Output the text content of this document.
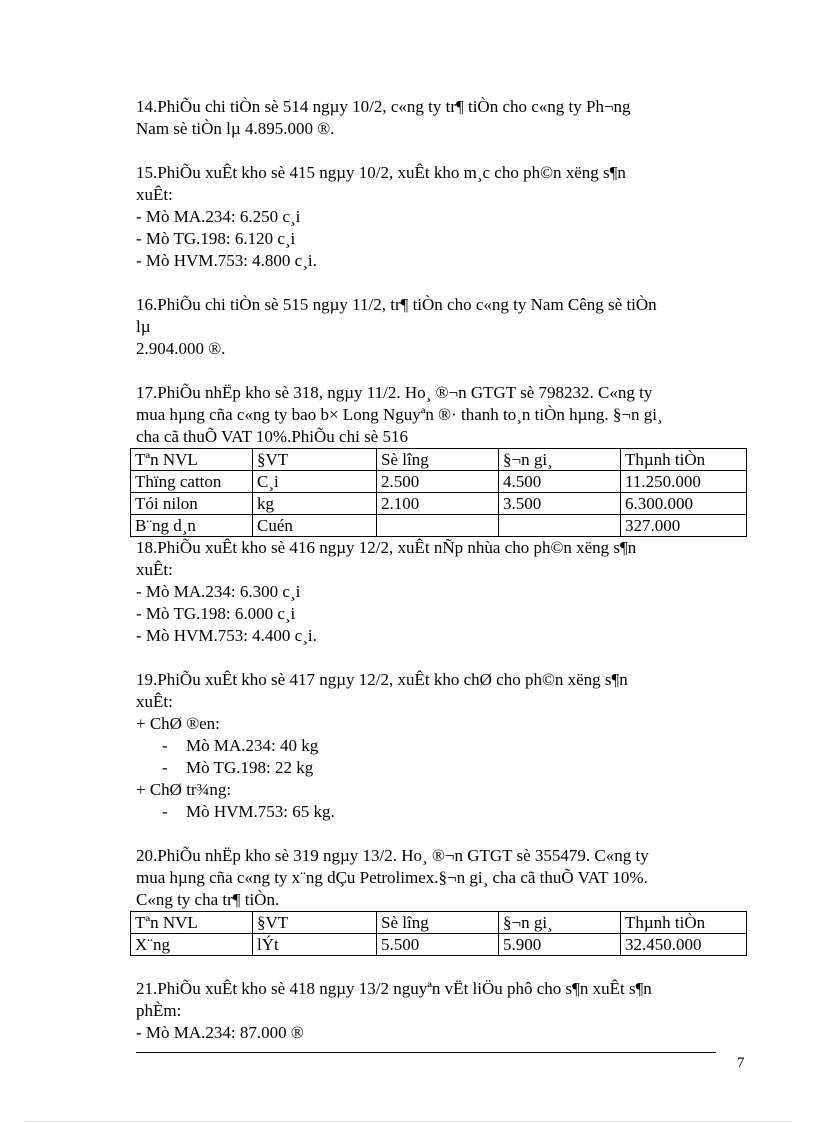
14.PhiÕu chi tiÒn sè 514 ngµy 10/2, c«ng ty tr¶ tiÒn cho c«ng ty Ph¬ng
Nam sè tiÒn lµ 4.895.000 ®.
15.PhiÕu xuÊt kho sè 415 ngµy 10/2, xuÊt kho m¸c cho ph©n xëng s¶n
xuÊt:
- Mò MA.234: 6.250 c¸i
- Mò TG.198: 6.120 c¸i
- Mò HVM.753: 4.800 c¸i.
16.PhiÕu chi tiÒn sè 515 ngµy 11/2, tr¶ tiÒn cho c«ng ty Nam Cêng sè tiÒn
lµ
2.904.000 ®.
17.PhiÕu nhËp kho sè 318, ngµy 11/2. Ho¸ ®¬n GTGT sè 798232. C«ng ty
mua hµng cña c«ng ty bao b× Long Nguyªn ®· thanh to¸n tiÒn hµng. §¬n gi¸
cha cã thuÕ VAT 10%.PhiÕu chi sè 516
Tªn NVL	§VT	Sè lîng	§¬n gi¸	Thµnh tiÒn
Thïng catton	C¸i	2.500	4.500	11.250.000
Tói nilon	kg	2.100	3.500	6.300.000
B¨ng d¸n	Cuén			327.000
18.PhiÕu xuÊt kho sè 416 ngµy 12/2, xuÊt nÑp nhùa cho ph©n xëng s¶n
xuÊt:
- Mò MA.234: 6.300 c¸i
- Mò TG.198: 6.000 c¸i
- Mò HVM.753: 4.400 c¸i.
19.PhiÕu xuÊt kho sè 417 ngµy 12/2, xuÊt kho chØ cho ph©n xëng s¶n
xuÊt:
+ ChØ ®en:
- Mò MA.234: 40 kg
- Mò TG.198: 22 kg
+ ChØ tr¾ng:
- Mò HVM.753: 65 kg.
20.PhiÕu nhËp kho sè 319 ngµy 13/2. Ho¸ ®¬n GTGT sè 355479. C«ng ty
mua hµng cña c«ng ty x¨ng dÇu Petrolimex.§¬n gi¸ cha cã thuÕ VAT 10%.
C«ng ty cha tr¶ tiÒn.
Tªn NVL	§VT	Sè lîng	§¬n gi¸	Thµnh tiÒn
X¨ng	lÝt	5.500	5.900	32.450.000
21.PhiÕu xuÊt kho sè 418 ngµy 13/2 nguyªn vËt liÖu phô cho s¶n xuÊt s¶n
phÈm:
- Mò MA.234: 87.000 ®
7
